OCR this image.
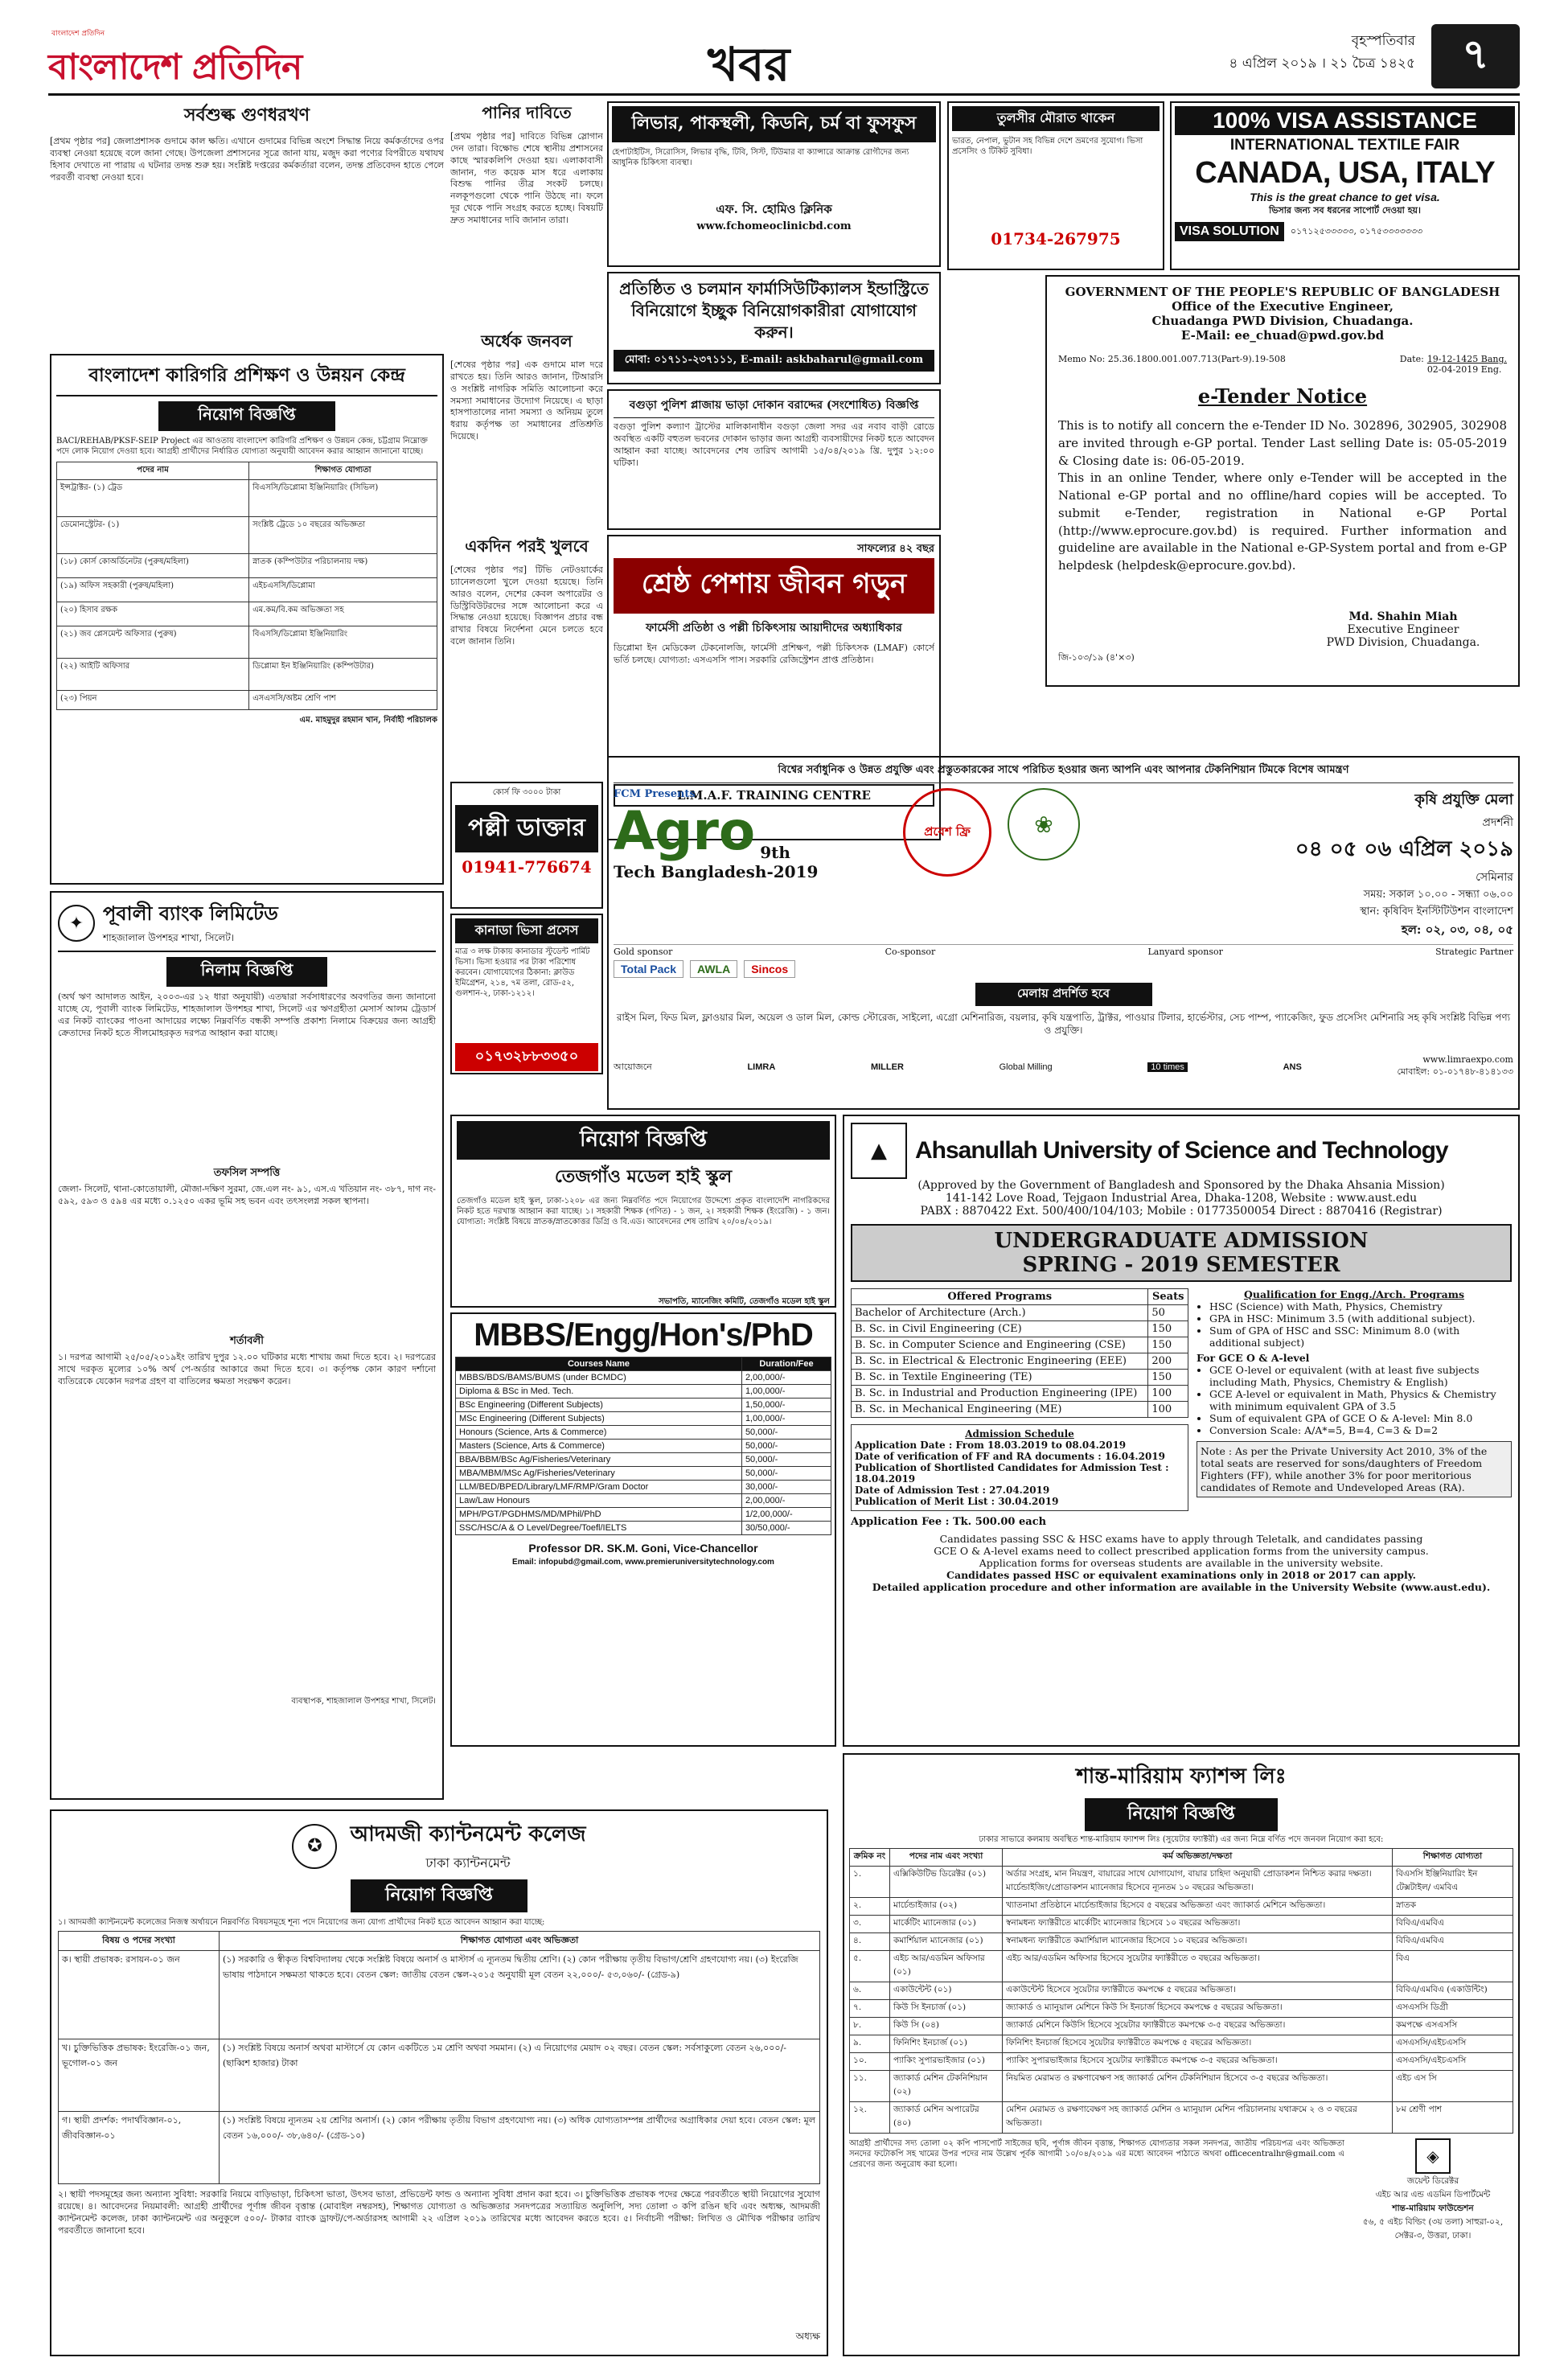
বাংলাদেশ প্রতিদিন
বাংলাদেশ প্রতিদিন	খবর	বৃহস্পতিবার
৪ এপ্রিল ২০১৯ । ২১ চৈত্র ১৪২৫ ৭
সর্বশুল্ক গুণধরখণ
[প্রথম পৃষ্ঠার পর] জেলাপ্রশাসক গুদামে কাল ক্ষতি। এখানে গুদামের বিভিন্ন অংশে সিদ্ধান্ত নিয়ে কর্মকর্তাদের ওপর ব্যবস্থা নেওয়া হয়েছে বলে জানা গেছে। উপজেলা প্রশাসনের সূত্রে জানা যায়, মজুদ করা পণ্যের বিপরীতে যথাযথ হিসাব দেখাতে না পারায় এ ঘটনার তদন্ত শুরু হয়। সংশ্লিষ্ট দপ্তরের কর্মকর্তারা বলেন, তদন্ত প্রতিবেদন হাতে পেলে পরবর্তী ব্যবস্থা নেওয়া হবে।
বাংলাদেশ কারিগরি প্রশিক্ষণ ও উন্নয়ন কেন্দ্র
নিয়োগ বিজ্ঞপ্তি
BACI/REHAB/PKSF-SEIP Project এর আওতায় বাংলাদেশ কারিগরি প্রশিক্ষণ ও উন্নয়ন কেন্দ্র, চট্টগ্রাম নিম্নোক্ত পদে লোক নিয়োগ দেওয়া হবে। আগ্রহী প্রার্থীদের নির্ধারিত যোগ্যতা অনুযায়ী আবেদন করার আহ্বান জানানো যাচ্ছে।
পদের নাম	শিক্ষাগত যোগ্যতা
ইন্সট্রাক্টর- (১) ট্রেড	বিএসসি/ডিপ্লোমা ইঞ্জিনিয়ারিং (সিভিল)
ডেমোনস্ট্রেটর- (১)	সংশ্লিষ্ট ট্রেডে ১০ বছরের অভিজ্ঞতা
(১৮) কোর্স কোঅর্ডিনেটর (পুরুষ/মহিলা)	স্নাতক (কম্পিউটার পরিচালনায় দক্ষ)
(১৯) অফিস সহকারী (পুরুষ/মহিলা)	এইচএসসি/ডিপ্লোমা
(২০) হিসাব রক্ষক	এম.কম/বি.কম অভিজ্ঞতা সহ
(২১) জব প্লেসমেন্ট অফিসার (পুরুষ)	বিএসসি/ডিপ্লোমা ইঞ্জিনিয়ারিং
(২২) আইটি অফিসার	ডিপ্লোমা ইন ইঞ্জিনিয়ারিং (কম্পিউটার)
(২৩) পিয়ন	এসএসসি/অষ্টম শ্রেণি পাশ
এম. মাহমুদুর রহমান খান, নির্বাহী পরিচালক
✦ পূবালী ব্যাংক লিমিটেড
শাহজালাল উপশহর শাখা, সিলেট।
নিলাম বিজ্ঞপ্তি
(অর্থ ঋণ আদালত আইন, ২০০৩-এর ১২ ধারা অনুযায়ী) এতদ্বারা সর্বসাধারণের অবগতির জন্য জানানো যাচ্ছে যে, পূবালী ব্যাংক লিমিটেড, শাহজালাল উপশহর শাখা, সিলেট এর ঋণগ্রহীতা মেসার্স আলম ট্রেডার্স এর নিকট ব্যাংকের পাওনা আদায়ের লক্ষ্যে নিম্নবর্ণিত বন্ধকী সম্পত্তি প্রকাশ্য নিলামে বিক্রয়ের জন্য আগ্রহী ক্রেতাদের নিকট হতে সীলমোহরকৃত দরপত্র আহ্বান করা যাচ্ছে।
তফসিল সম্পত্তি
জেলা- সিলেট, থানা-কোতোয়ালী, মৌজা-দক্ষিণ সুরমা, জে.এল নং- ৯১, এস.এ খতিয়ান নং- ৩৮৭, দাগ নং- ৫৯২, ৫৯৩ ও ৫৯৪ এর মধ্যে ০.১২৫০ একর ভূমি সহ ভবন এবং তৎসংলগ্ন সকল স্থাপনা।
শর্তাবলী
১। দরপত্র আগামী ২৫/০৫/২০১৯ইং তারিখ দুপুর ১২.০০ ঘটিকার মধ্যে শাখায় জমা দিতে হবে। ২। দরপত্রের সাথে দরকৃত মূল্যের ১০% অর্থ পে-অর্ডার আকারে জমা দিতে হবে। ৩। কর্তৃপক্ষ কোন কারণ দর্শানো ব্যতিরেকে যেকোন দরপত্র গ্রহণ বা বাতিলের ক্ষমতা সংরক্ষণ করেন।
ব্যবস্থাপক, শাহজালাল উপশহর শাখা, সিলেট।
পানির দাবিতে
[প্রথম পৃষ্ঠার পর] দাবিতে বিভিন্ন স্লোগান দেন তারা। বিক্ষোভ শেষে স্থানীয় প্রশাসনের কাছে স্মারকলিপি দেওয়া হয়। এলাকাবাসী জানান, গত কয়েক মাস ধরে এলাকায় বিশুদ্ধ পানির তীব্র সংকট চলছে। নলকূপগুলো থেকে পানি উঠছে না। ফলে দূর থেকে পানি সংগ্রহ করতে হচ্ছে। বিষয়টি দ্রুত সমাধানের দাবি জানান তারা।
অর্ধেক জনবল
[শেষের পৃষ্ঠার পর] এক গুদামে মাল দরে রাখতে হয়। তিনি আরও জানান, টিআরসি ও সংশ্লিষ্ট নাগরিক সমিতি আলোচনা করে সমস্যা সমাধানের উদ্যোগ নিয়েছে। এ ছাড়া হাসপাতালের নানা সমস্যা ও অনিয়ম তুলে ধরায় কর্তৃপক্ষ তা সমাধানের প্রতিশ্রুতি দিয়েছে।
একদিন পরই খুলবে
[শেষের পৃষ্ঠার পর] টিভি নেটওয়ার্কের চ্যানেলগুলো খুলে দেওয়া হয়েছে। তিনি আরও বলেন, দেশের কেবল অপারেটর ও ডিস্ট্রিবিউটরদের সঙ্গে আলোচনা করে এ সিদ্ধান্ত নেওয়া হয়েছে। বিজ্ঞাপন প্রচার বন্ধ রাখার বিষয়ে নির্দেশনা মেনে চলতে হবে বলে জানান তিনি।
কোর্স ফি ৩০০০ টাকা
পল্লী ডাক্তার
01941-776674
কানাডা ভিসা প্রসেস
মাত্র ৩ লক্ষ টাকায় কানাডার স্টুডেন্ট পার্মিট ভিসা। ভিসা হওয়ার পর টাকা পরিশোধ করবেন। যোগাযোগের ঠিকানা: ক্লাউড ইমিগ্রেশন, ২১৪, ৭ম তলা, রোড-৫২, গুলশান-২, ঢাকা-১২১২।
০১৭৩২৮৮৩৩৫০
লিভার, পাকস্থলী, কিডনি, চর্ম বা ফুসফুস
হেপাটাইটিস, সিরোসিস, লিভার বৃদ্ধি, টিবি, সিস্ট, টিউমার বা ক্যান্সারে আক্রান্ত রোগীদের জন্য আধুনিক চিকিৎসা ব্যবস্থা।
এফ. সি. হোমিও ক্লিনিক
www.fchomeoclinicbd.com
প্রতিষ্ঠিত ও চলমান ফার্মাসিউটিক্যালস ইন্ডাস্ট্রিতে বিনিয়োগে ইচ্ছুক বিনিয়োগকারীরা যোগাযোগ করুন।
মোবা: ০১৭১১-২৩৭১১১, E-mail: askbaharul@gmail.com
বগুড়া পুলিশ প্লাজায় ভাড়া দোকান বরাদ্দের (সংশোধিত) বিজ্ঞপ্তি
বগুড়া পুলিশ কল্যাণ ট্রাস্টের মালিকানাধীন বগুড়া জেলা সদর এর নবাব বাড়ী রোডে অবস্থিত একটি বহুতল ভবনের দোকান ভাড়ার জন্য আগ্রহী ব্যবসায়ীদের নিকট হতে আবেদন আহ্বান করা যাচ্ছে। আবেদনের শেষ তারিখ আগামী ১৫/০৪/২০১৯ খ্রি. দুপুর ১২:০০ ঘটিকা।
সাফল্যের ৪২ বছর
শ্রেষ্ঠ পেশায় জীবন গড়ুন
ফার্মেসী প্রতিষ্ঠা ও পল্লী চিকিৎসায় আয়াদীদের অধ্যাধিকার
ডিপ্লোমা ইন মেডিকেল টেকনোলজি, ফার্মেসী প্রশিক্ষণ, পল্লী চিকিৎসক (LMAF) কোর্সে ভর্তি চলছে। যোগ্যতা: এসএসসি পাস। সরকারি রেজিস্ট্রেশন প্রাপ্ত প্রতিষ্ঠান।
L.M.A.F. TRAINING CENTRE
তুলসীর মৌরাত থাকেন
ভারত, নেপাল, ভুটান সহ বিভিন্ন দেশে ভ্রমণের সুযোগ। ভিসা প্রসেসিং ও টিকিট সুবিধা।
01734-267975
100% VISA ASSISTANCE
INTERNATIONAL TEXTILE FAIR
CANADA, USA, ITALY
This is the great chance to get visa.
ভিসার জন্য সব ধরনের সাপোর্ট দেওয়া হয়।
VISA SOLUTION	০১৭১২৫৩৩৩৩৩, ০১৭৫৩৩৩৩৩৩৩
GOVERNMENT OF THE PEOPLE'S REPUBLIC OF BANGLADESH
Office of the Executive Engineer,
Chuadanga PWD Division, Chuadanga.
E-Mail: ee_chuad@pwd.gov.bd
Memo No: 25.36.1800.001.007.713(Part-9).19-508	Date: 19-12-1425 Bang.
02-04-2019 Eng.
e-Tender Notice
This is to notify all concern the e-Tender ID No. 302896, 302905, 302908 are invited through e-GP portal. Tender Last selling Date is: 05-05-2019 & Closing date is: 06-05-2019.
This in an online Tender, where only e-Tender will be accepted in the National e-GP portal and no offline/hard copies will be accepted. To submit e-Tender, registration in National e-GP Portal (http://www.eprocure.gov.bd) is required. Further information and guideline are available in the National e-GP-System portal and from e-GP helpdesk (helpdesk@eprocure.gov.bd).
Md. Shahin Miah
Executive Engineer
PWD Division, Chuadanga.
জি-১০৩/১৯ (৪'×৩)
বিশ্বের সর্বাধুনিক ও উন্নত প্রযুক্তি এবং প্রস্তুতকারকের সাথে পরিচিত হওয়ার জন্য আপনি এবং আপনার টেকনিশিয়ান টিমকে বিশেষ আমন্ত্রণ
FCM Presents
Agro 9th
Tech Bangladesh-2019
প্রবেশ ফ্রি	❀
কৃষি প্রযুক্তি মেলা
প্রদর্শনী
০৪ ০৫ ০৬ এপ্রিল ২০১৯
সেমিনার
সময়: সকাল ১০.০০ - সন্ধ্যা ০৬.০০
স্থান: কৃষিবিদ ইনস্টিটিউশন বাংলাদেশ
হল: ০২, ০৩, ০৪, ০৫
Gold sponsor	Co-sponsor	Lanyard sponsor	Strategic Partner
Total Pack	AWLA	Sincos
মেলায় প্রদর্শিত হবে
রাইস মিল, ফিড মিল, ফ্লাওয়ার মিল, অয়েল ও ডাল মিল, কোল্ড স্টোরেজ, সাইলো, এগ্রো মেশিনারিজ, বয়লার, কৃষি যন্ত্রপাতি, ট্রাক্টর, পাওয়ার টিলার, হার্ভেস্টার, সেচ পাম্প, প্যাকেজিং, ফুড প্রসেসিং মেশিনারি সহ কৃষি সংশ্লিষ্ট বিভিন্ন পণ্য ও প্রযুক্তি।
আয়োজনে	LIMRA	MILLER	Global Milling	10 times	ANS
www.limraexpo.com
মোবাইল: ০১-০১৭৪৮-৪১৪১৩৩
নিয়োগ বিজ্ঞপ্তি
তেজগাঁও মডেল হাই স্কুল
তেজগাঁও মডেল হাই স্কুল, ঢাকা-১২০৮ এর জন্য নিম্নবর্ণিত পদে নিয়োগের উদ্দেশ্যে প্রকৃত বাংলাদেশি নাগরিকদের নিকট হতে দরখাস্ত আহ্বান করা যাচ্ছে। ১। সহকারী শিক্ষক (গণিত) - ১ জন, ২। সহকারী শিক্ষক (ইংরেজি) - ১ জন। যোগ্যতা: সংশ্লিষ্ট বিষয়ে স্নাতক/স্নাতকোত্তর ডিগ্রি ও বি.এড। আবেদনের শেষ তারিখ ২০/০৪/২০১৯।
সভাপতি, ম্যানেজিং কমিটি, তেজগাঁও মডেল হাই স্কুল
MBBS/Engg/Hon's/PhD
Courses Name	Duration/Fee
MBBS/BDS/BAMS/BUMS (under BCMDC)	2,00,000/-
Diploma & BSc in Med. Tech.	1,00,000/-
BSc Engineering (Different Subjects)	1,50,000/-
MSc Engineering (Different Subjects)	1,00,000/-
Honours (Science, Arts & Commerce)	50,000/-
Masters (Science, Arts & Commerce)	50,000/-
BBA/BBM/BSc Ag/Fisheries/Veterinary	50,000/-
MBA/MBM/MSc Ag/Fisheries/Veterinary	50,000/-
LLM/BED/BPED/Library/LMF/RMP/Gram Doctor	30,000/-
Law/Law Honours	2,00,000/-
MPH/PGT/PGDHMS/MD/MPhil/PhD	1/2,00,000/-
SSC/HSC/A & O Level/Degree/Toefl/IELTS	30/50,000/-
Professor DR. SK.M. Goni, Vice-Chancellor
Email: infopubd@gmail.com, www.premieruniversitytechnology.com
▲	Ahsanullah University of Science and Technology
(Approved by the Government of Bangladesh and Sponsored by the Dhaka Ahsania Mission)
141-142 Love Road, Tejgaon Industrial Area, Dhaka-1208, Website : www.aust.edu
PABX : 8870422 Ext. 500/400/104/103; Mobile : 01773500054 Direct : 8870416 (Registrar)
UNDERGRADUATE ADMISSION
SPRING - 2019 SEMESTER
Offered Programs	Seats
Bachelor of Architecture (Arch.)	50
B. Sc. in Civil Engineering (CE)	150
B. Sc. in Computer Science and Engineering (CSE)	150
B. Sc. in Electrical & Electronic Engineering (EEE)	200
B. Sc. in Textile Engineering (TE)	150
B. Sc. in Industrial and Production Engineering (IPE)	100
B. Sc. in Mechanical Engineering (ME)	100
Admission Schedule
Application Date : From 18.03.2019 to 08.04.2019
Date of verification of FF and RA documents : 16.04.2019
Publication of Shortlisted Candidates for Admission Test : 18.04.2019
Date of Admission Test : 27.04.2019
Publication of Merit List : 30.04.2019
Application Fee : Tk. 500.00 each
Qualification for Engg./Arch. Programs
• HSC (Science) with Math, Physics, Chemistry
• GPA in HSC: Minimum 3.5 (with additional subject).
• Sum of GPA of HSC and SSC: Minimum 8.0 (with additional subject)
For GCE O & A-level
• GCE O-level or equivalent (with at least five subjects including Math, Physics, Chemistry & English)
• GCE A-level or equivalent in Math, Physics & Chemistry with minimum equivalent GPA of 3.5
• Sum of equivalent GPA of GCE O & A-level: Min 8.0
• Conversion Scale: A/A*=5, B=4, C=3 & D=2
Note : As per the Private University Act 2010, 3% of the total seats are reserved for sons/daughters of Freedom Fighters (FF), while another 3% for poor meritorious candidates of Remote and Undeveloped Areas (RA).
Candidates passing SSC & HSC exams have to apply through Teletalk, and candidates passing
GCE O & A-level exams need to collect prescribed application forms from the university campus.
Application forms for overseas students are available in the university website.
Candidates passed HSC or equivalent examinations only in 2018 or 2017 can apply.
Detailed application procedure and other information are available in the University Website (www.aust.edu).
✪	আদমজী ক্যান্টনমেন্ট কলেজ
ঢাকা ক্যান্টনমেন্ট
নিয়োগ বিজ্ঞপ্তি
১। আদমজী ক্যান্টনমেন্ট কলেজের নিজস্ব অর্থায়নে নিম্নবর্ণিত বিষয়সমূহে শূন্য পদে নিয়োগের জন্য যোগ্য প্রার্থীদের নিকট হতে আবেদন আহ্বান করা যাচ্ছে:
বিষয় ও পদের সংখ্যা	শিক্ষাগত যোগ্যতা এবং অভিজ্ঞতা
ক। স্থায়ী প্রভাষক: রসায়ন-০১ জন	(১) সরকারি ও স্বীকৃত বিশ্ববিদ্যালয় থেকে সংশ্লিষ্ট বিষয়ে অনার্স ও মাস্টার্স এ ন্যূনতম দ্বিতীয় শ্রেণি। (২) কোন পরীক্ষায় তৃতীয় বিভাগ/শ্রেণি গ্রহণযোগ্য নয়। (৩) ইংরেজি ভাষায় পাঠদানে সক্ষমতা থাকতে হবে। বেতন স্কেল: জাতীয় বেতন স্কেল-২০১৫ অনুযায়ী মূল বেতন ২২,০০০/- ৫৩,০৬০/- (গ্রেড-৯)
খ। চুক্তিভিত্তিক প্রভাষক: ইংরেজি-০১ জন, ভূগোল-০১ জন	(১) সংশ্লিষ্ট বিষয়ে অনার্স অথবা মাস্টার্সে যে কোন একটিতে ১ম শ্রেণি অথবা সমমান। (২) এ নিয়োগের মেয়াদ ০২ বছর। বেতন স্কেল: সর্বসাকুল্যে বেতন ২৬,০০০/- (ছাব্বিশ হাজার) টাকা
গ। স্থায়ী প্রদর্শক: পদার্থবিজ্ঞান-০১, জীববিজ্ঞান-০১	(১) সংশ্লিষ্ট বিষয়ে ন্যূনতম ২য় শ্রেণির অনার্স। (২) কোন পরীক্ষায় তৃতীয় বিভাগ গ্রহণযোগ্য নয়। (৩) অধিক যোগ্যতাসম্পন্ন প্রার্থীদের অগ্রাধিকার দেয়া হবে। বেতন স্কেল: মূল বেতন ১৬,০০০/- ৩৮,৬৪০/- (গ্রেড-১০)
২। স্থায়ী পদসমূহের জন্য অন্যান্য সুবিধা: সরকারি নিয়মে বাড়িভাড়া, চিকিৎসা ভাতা, উৎসব ভাতা, প্রভিডেন্ট ফান্ড ও অন্যান্য সুবিধা প্রদান করা হবে। ৩। চুক্তিভিত্তিক প্রভাষক পদের ক্ষেত্রে পরবর্তীতে স্থায়ী নিয়োগের সুযোগ রয়েছে। ৪। আবেদনের নিয়মাবলী: আগ্রহী প্রার্থীদের পূর্ণাঙ্গ জীবন বৃত্তান্ত (মোবাইল নম্বরসহ), শিক্ষাগত যোগ্যতা ও অভিজ্ঞতার সনদপত্রের সত্যায়িত অনুলিপি, সদ্য তোলা ৩ কপি রঙিন ছবি এবং অধ্যক্ষ, আদমজী ক্যান্টনমেন্ট কলেজ, ঢাকা ক্যান্টনমেন্ট এর অনুকূলে ৫০০/- টাকার ব্যাংক ড্রাফট/পে-অর্ডারসহ আগামী ২২ এপ্রিল ২০১৯ তারিখের মধ্যে আবেদন করতে হবে। ৫। নির্বাচনী পরীক্ষা: লিখিত ও মৌখিক পরীক্ষার তারিখ পরবর্তীতে জানানো হবে।
অধ্যক্ষ
শান্ত-মারিয়াম ফ্যাশন্স লিঃ
নিয়োগ বিজ্ঞপ্তি
ঢাকার সাভারে কলমায় অবস্থিত শান্ত-মারিয়াম ফ্যাশন্স লিঃ (সুয়েটার ফ্যাক্টরী) এর জন্য নিম্নে বর্ণিত পদে জনবল নিয়োগ করা হবে:
ক্রমিক নং	পদের নাম এবং সংখ্যা	কর্ম অভিজ্ঞতা/দক্ষতা	শিক্ষাগত যোগ্যতা
১.	এক্সিকিউটিভ ডিরেক্টর (০১)	অর্ডার সংগ্রহ, মান নিয়ন্ত্রণ, বায়ারের সাথে যোগাযোগ, বায়ার চাহিদা অনুযায়ী প্রোডাকশন নিশ্চিত করার দক্ষতা। মার্চেন্ডাইজিং/প্রোডাকশন ম্যানেজার হিসেবে ন্যূনতম ১০ বছরের অভিজ্ঞতা।	বিএসসি ইঞ্জিনিয়ারিং ইন টেক্সটাইল/ এমবিএ
২.	মার্চেন্ডাইজার (০২)	খ্যাতনামা প্রতিষ্ঠানে মার্চেন্ডাইজার হিসেবে ৫ বছরের অভিজ্ঞতা এবং জ্যাকার্ড মেশিনে অভিজ্ঞতা।	স্নাতক
৩.	মার্কেটিং ম্যানেজার (০১)	স্বনামধন্য ফ্যাক্টরীতে মার্কেটিং ম্যানেজার হিসেবে ১০ বছরের অভিজ্ঞতা।	বিবিএ/এমবিএ
৪.	কমার্শিয়াল ম্যানেজার (০১)	স্বনামধন্য ফ্যাক্টরীতে কমার্শিয়াল ম্যানেজার হিসেবে ১০ বছরের অভিজ্ঞতা।	বিবিএ/এমবিএ
৫.	এইচ আর/এডমিন অফিসার (০১)	এইচ আর/এডমিন অফিসার হিসেবে সুয়েটার ফ্যাক্টরীতে ৩ বছরের অভিজ্ঞতা।	বিএ
৬.	একাউন্টেন্ট (০১)	একাউন্টেন্ট হিসেবে সুয়েটার ফ্যাক্টরীতে কমপক্ষে ৫ বছরের অভিজ্ঞতা।	বিবিএ/এমবিএ (একাউন্টিং)
৭.	কিউ সি ইনচার্জ (০১)	জ্যাকার্ড ও ম্যানুয়াল মেশিনে কিউ সি ইনচার্জ হিসেবে কমপক্ষে ৫ বছরের অভিজ্ঞতা।	এসএসসি ডিগ্রী
৮.	কিউ সি (০৪)	জ্যাকার্ড মেশিনে কিউসি হিসেবে সুয়েটার ফ্যাক্টরীতে কমপক্ষে ৩-৫ বছরের অভিজ্ঞতা।	কমপক্ষে এসএসসি
৯.	ফিনিশিং ইনচার্জ (০১)	ফিনিশিং ইনচার্জ হিসেবে সুয়েটার ফ্যাক্টরীতে কমপক্ষে ৫ বছরের অভিজ্ঞতা।	এসএসসি/এইচএসসি
১০.	প্যাকিং সুপারভাইজার (০১)	প্যাকিং সুপারভাইজার হিসেবে সুয়েটার ফ্যাক্টরীতে কমপক্ষে ৩-৫ বছরের অভিজ্ঞতা।	এসএসসি/এইচএসসি
১১.	জ্যাকার্ড মেশিন টেকনিশিয়ান (০২)	নিয়মিত মেরামত ও রক্ষণাবেক্ষণ সহ জ্যাকার্ড মেশিন টেকনিশিয়ান হিসেবে ৩-৫ বছরের অভিজ্ঞতা।	এইচ এস সি
১২.	জ্যাকার্ড মেশিন অপারেটর (৪০)	মেশিন মেরামত ও রক্ষণাবেক্ষণ সহ জ্যাকার্ড মেশিন ও ম্যানুয়াল মেশিন পরিচালনায় যথাক্রমে ২ ও ৩ বছরের অভিজ্ঞতা।	৮ম শ্রেণী পাশ
আগ্রহী প্রার্থীদের সদ্য তোলা ০২ কপি পাসপোর্ট সাইজের ছবি, পূর্ণাঙ্গ জীবন বৃত্তান্ত, শিক্ষাগত যোগ্যতার সকল সনদপত্র, জাতীয় পরিচয়পত্র এবং অভিজ্ঞতা সনদের ফটোকপি সহ খামের উপর পদের নাম উল্লেখ পূর্বক আগামী ১০/০৪/২০১৯ এর মধ্যে আবেদন পাঠাতে অথবা officecentralhr@gmail.com এ প্রেরণের জন্য অনুরোধ করা হলো।	◈
জয়েন্ট ডিরেক্টর
এইচ আর এন্ড এডমিন ডিপার্টমেন্ট
শান্ত-মারিয়াম ফাউন্ডেশন
৫৬, ৫ এইচ বিল্ডিং (৩য় তলা) সাহুরা-০২, সেক্টর-৩, উত্তরা, ঢাকা।
